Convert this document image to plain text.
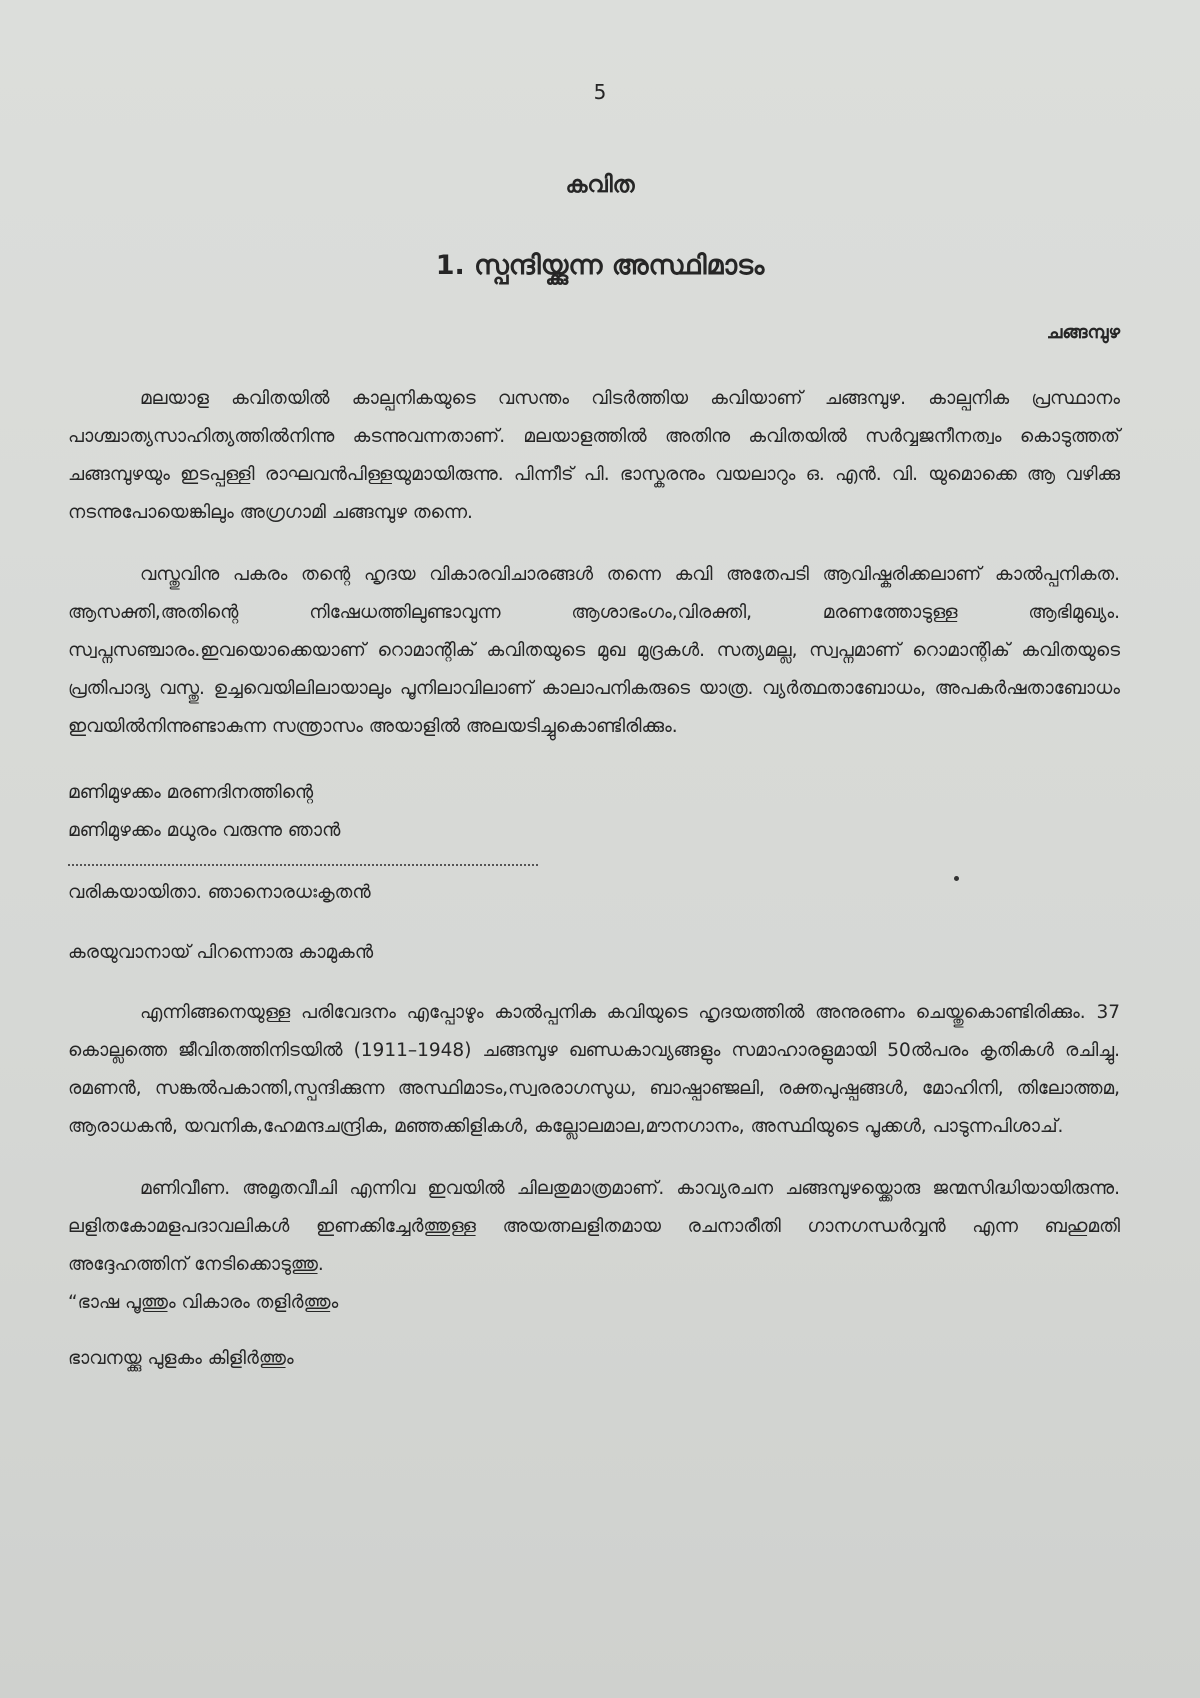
5
കവിത
1. സ്പന്ദിയ്ക്കുന്ന അസ്ഥിമാടം
ചങ്ങമ്പുഴ

മലയാള കവിതയിൽ കാല്പനികയുടെ വസന്തം വിടർത്തിയ കവിയാണ് ചങ്ങമ്പുഴ. കാല്പനിക പ്രസ്ഥാനം പാശ്ചാത്യസാഹിത്യത്തിൽനിന്നു കടന്നുവന്നതാണ്. മലയാളത്തിൽ അതിനു കവിതയിൽ സർവ്വജനീനത്വം കൊടുത്തത് ചങ്ങമ്പുഴയും ഇടപ്പള്ളി രാഘവൻപിള്ളയുമായിരുന്നു. പിന്നീട് പി. ഭാസ്കരനും വയലാറും ഒ. എൻ. വി. യുമൊക്കെ ആ വഴിക്കു നടന്നുപോയെങ്കിലും അഗ്രഗാമി ചങ്ങമ്പുഴ തന്നെ.

വസ്തുവിനു പകരം തന്റെ ഹൃദയ വികാരവിചാരങ്ങൾ തന്നെ കവി അതേപടി ആവിഷ്കരിക്കലാണ് കാൽപ്പനികത. ആസക്തി,അതിന്റെ നിഷേധത്തിലുണ്ടാവുന്ന ആശാഭംഗം,വിരക്തി, മരണത്തോടുള്ള ആഭിമുഖ്യം. സ്വപ്നസഞ്ചാരം.ഇവയൊക്കെയാണ് റൊമാന്റിക് കവിതയുടെ മുഖ മുദ്രകൾ. സത്യമല്ല, സ്വപ്നമാണ് റൊമാന്റിക് കവിതയുടെ പ്രതിപാദ്യ വസ്തു. ഉച്ചവെയിലിലായാലും പൂനിലാവിലാണ് കാലാപനികരുടെ യാത്ര. വ്യർത്ഥതാബോധം, അപകർഷതാബോധം ഇവയിൽനിന്നുണ്ടാകുന്ന സന്ത്രാസം അയാളിൽ അലയടിച്ചുകൊണ്ടിരിക്കും.

മണിമുഴക്കം മരണദിനത്തിന്റെ
മണിമുഴക്കം മധുരം വരുന്നു ഞാൻ
വരികയായിതാ. ഞാനൊരധഃകൃതൻ
കരയുവാനായ് പിറന്നൊരു കാമുകൻ

എന്നിങ്ങനെയുള്ള പരിവേദനം എപ്പോഴും കാൽപ്പനിക കവിയുടെ ഹൃദയത്തിൽ അനുരണം ചെയ്തുകൊണ്ടിരിക്കും. 37 കൊല്ലത്തെ ജീവിതത്തിനിടയിൽ (1911–1948) ചങ്ങമ്പുഴ ഖണ്ഡകാവ്യങ്ങളും സമാഹാരളുമായി 50ൽപരം കൃതികൾ രചിച്ചു. രമണൻ, സങ്കൽപകാന്തി,സ്പന്ദിക്കുന്ന അസ്ഥിമാടം,സ്വരരാഗസുധ, ബാഷ്പാഞ്ജലി, രക്തപുഷ്പങ്ങൾ, മോഹിനി, തിലോത്തമ, ആരാധകൻ, യവനിക,ഹേമന്ദചന്ദ്രിക, മഞ്ഞക്കിളികൾ, കല്ലോലമാല,മൗനഗാനം, അസ്ഥിയുടെ പൂക്കൾ, പാടുന്നപിശാച്.

മണിവീണ. അമൃതവീചി എന്നിവ ഇവയിൽ ചിലതുമാത്രമാണ്. കാവ്യരചന ചങ്ങമ്പുഴയ്ക്കൊരു ജന്മസിദ്ധിയായിരുന്നു. ലളിതകോമളപദാവലികൾ ഇണക്കിച്ചേർത്തുള്ള അയത്നലളിതമായ രചനാരീതി ഗാനഗന്ധർവ്വൻ എന്ന ബഹുമതി അദ്ദേഹത്തിന് നേടിക്കൊടുത്തു.

“ഭാഷ പൂത്തും വികാരം തളിർത്തും
ഭാവനയ്ക്കു പുളകം കിളിർത്തും
